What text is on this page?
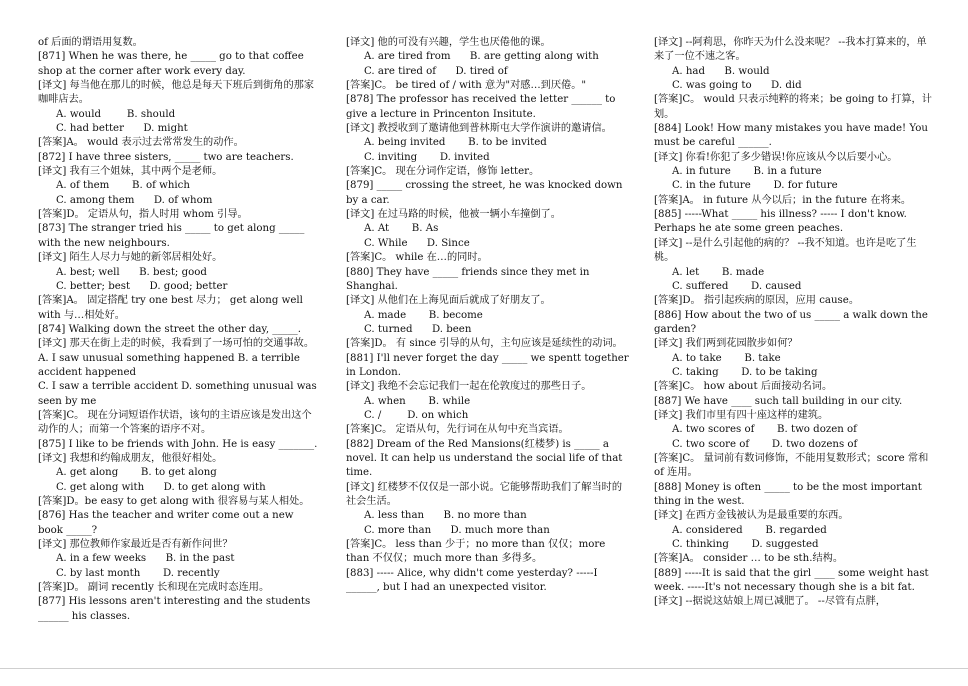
of 后面的谓语用复数。
[871] When he was there, he _____ go to that coffee shop at the corner after work every day.
[译文] 每当他在那儿的时候，他总是每天下班后到街角的那家咖啡店去。
A. would        B. should
C. had better      D. might
[答案]A。 would 表示过去常常发生的动作。
[872] I have three sisters, _____ two are teachers.
[译文] 我有三个姐妹，其中两个是老师。
A. of them       B. of which
C. among them      D. of whom
[答案]D。 定语从句，指人时用 whom 引导。
[873] The stranger tried his _____ to get along _____ with the new neighbours.
[译文] 陌生人尽力与她的新邻居相处好。
A. best; well      B. best; good
C. better; best      D. good; better
[答案]A。 固定搭配 try one best 尽力； get along well with 与…相处好。
[874] Walking down the street the other day, _____.
[译文] 那天在街上走的时候，我看到了一场可怕的交通事故。
A. I saw unusual something happened B. a terrible accident happened
C. I saw a terrible accident D. something unusual was seen by me
[答案]C。 现在分词短语作状语，该句的主语应该是发出这个动作的人；而第一个答案的语序不对。
[875] I like to be friends with John. He is easy _______.
[译文] 我想和约翰成朋友，他很好相处。
A. get along       B. to get along
C. get along with      D. to get along with
[答案]D。be easy to get along with 很容易与某人相处。
[876] Has the teacher and writer come out a new book _____?
[译文] 那位教师作家最近是否有新作问世？
A. in a few weeks      B. in the past
C. by last month       D. recently
[答案]D。 副词 recently 长和现在完成时态连用。
[877] His lessons aren't interesting and the students ______ his classes.
[译文] 他的可没有兴趣，学生也厌倦他的课。
A. are tired from      B. are getting along with
C. are tired of      D. tired of
[答案]C。 be tired of / with 意为"对感…到厌倦。"
[878] The professor has received the letter ______ to give a lecture in Princenton Insitute.
[译文] 教授收到了邀请他到普林斯屯大学作演讲的邀请信。
A. being invited       B. to be invited
C. inviting       D. invited
[答案]C。 现在分词作定语，修饰 letter。
[879] _____ crossing the street, he was knocked down by a car.
[译文] 在过马路的时候，他被一辆小车撞倒了。
A. At       B. As
C. While      D. Since
[答案]C。 while 在…的同时。
[880] They have _____ friends since they met in Shanghai.
[译文] 从他们在上海见面后就成了好朋友了。
A. made       B. become
C. turned      D. been
[答案]D。 有 since 引导的从句，主句应该是延续性的动词。
[881] I'll never forget the day _____ we spentt together in London.
[译文] 我绝不会忘记我们一起在伦敦度过的那些日子。
A. when       B. while
C. /        D. on which
[答案]C。 定语从句，先行词在从句中充当宾语。
[882] Dream of the Red Mansions(红楼梦) is _____ a novel. It can help us understand the social life of that time.
[译文] 红楼梦不仅仅是一部小说。它能够帮助我们了解当时的社会生活。
A. less than      B. no more than
C. more than      D. much more than
[答案]C。 less than 少于；no more than 仅仅；more than 不仅仅；much more than 多得多。
[883] ----- Alice, why didn't come yesterday? -----I ______, but I had an unexpected visitor.
[译文] --阿莉思，你昨天为什么没来呢？ --我本打算来的，单来了一位不速之客。
A. had      B. would
C. was going to      D. did
[答案]C。 would 只表示纯粹的将来；be going to 打算，计划。
[884] Look! How many mistakes you have made! You must be careful ______.
[译文] 你看!你犯了多少错误!你应该从今以后要小心。
A. in future       B. in a future
C. in the future       D. for future
[答案]A。 in future 从今以后；in the future 在将来。
[885] -----What _____ his illness? ----- I don't know. Perhaps he ate some green peaches.
[译文] --是什么引起他的病的？ --我不知道。也许是吃了生桃。
A. let       B. made
C. suffered       D. caused
[答案]D。 指引起疾病的原因，应用 cause。
[886] How about the two of us _____ a walk down the garden?
[译文] 我们两到花园散步如何？
A. to take       B. take
C. taking       D. to be taking
[答案]C。 how about 后面接动名词。
[887] We have ____ such tall building in our city.
[译文] 我们市里有四十座这样的建筑。
A. two scores of       B. two dozen of
C. two score of       D. two dozens of
[答案]C。 量词前有数词修饰，不能用复数形式；score 常和 of 连用。
[888] Money is often _____ to be the most important thing in the west.
[译文] 在西方金钱被认为是最重要的东西。
A. considered       B. regarded
C. thinking       D. suggested
[答案]A。 consider … to be sth.结构。
[889] -----It is said that the girl ____ some weight hast week. -----It's not necessary though she is a bit fat.
[译文] --据说这姑娘上周已减肥了。 --尽管有点胖，
